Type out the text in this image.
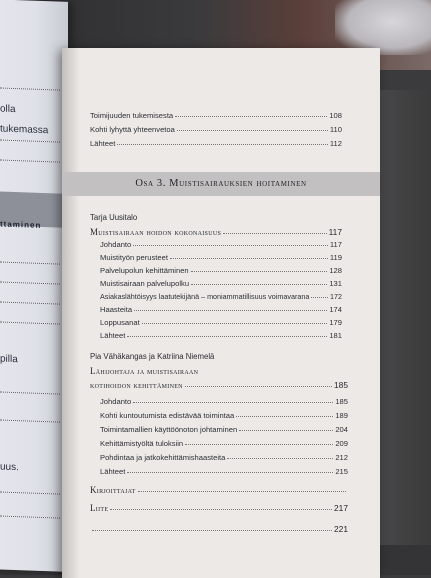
olla
tukemassa
ttaminen
pilla
uus.
Toimijuuden tukemisesta	108
Kohti lyhyttä yhteenvetoa	110
Lähteet	112
Osa 3. Muistisairauksien hoitaminen
Tarja Uusitalo
Muistisairaan hoidon kokonaisuus	117
Johdanto	117
Muistityön perusteet	119
Palvelupolun kehittäminen	128
Muistisairaan palvelupolku	131
Asiakaslähtöisyys laatutekijänä – moniammatillisuus voimavarana	172
Haasteita	174
Loppusanat	179
Lähteet	181
Pia Vähäkangas ja Katriina Niemelä
Lähijohtaja ja muistisairaan
kotihoidon kehittäminen	185
Johdanto	185
Kohti kuntoutumista edistävää toimintaa	189
Toimintamallien käyttöönoton johtaminen	204
Kehittämistyöltä tuloksiin	209
Pohdintaa ja jatkokehittämishaasteita	212
Lähteet	215
Kirjoittajat
Liite	217
221
